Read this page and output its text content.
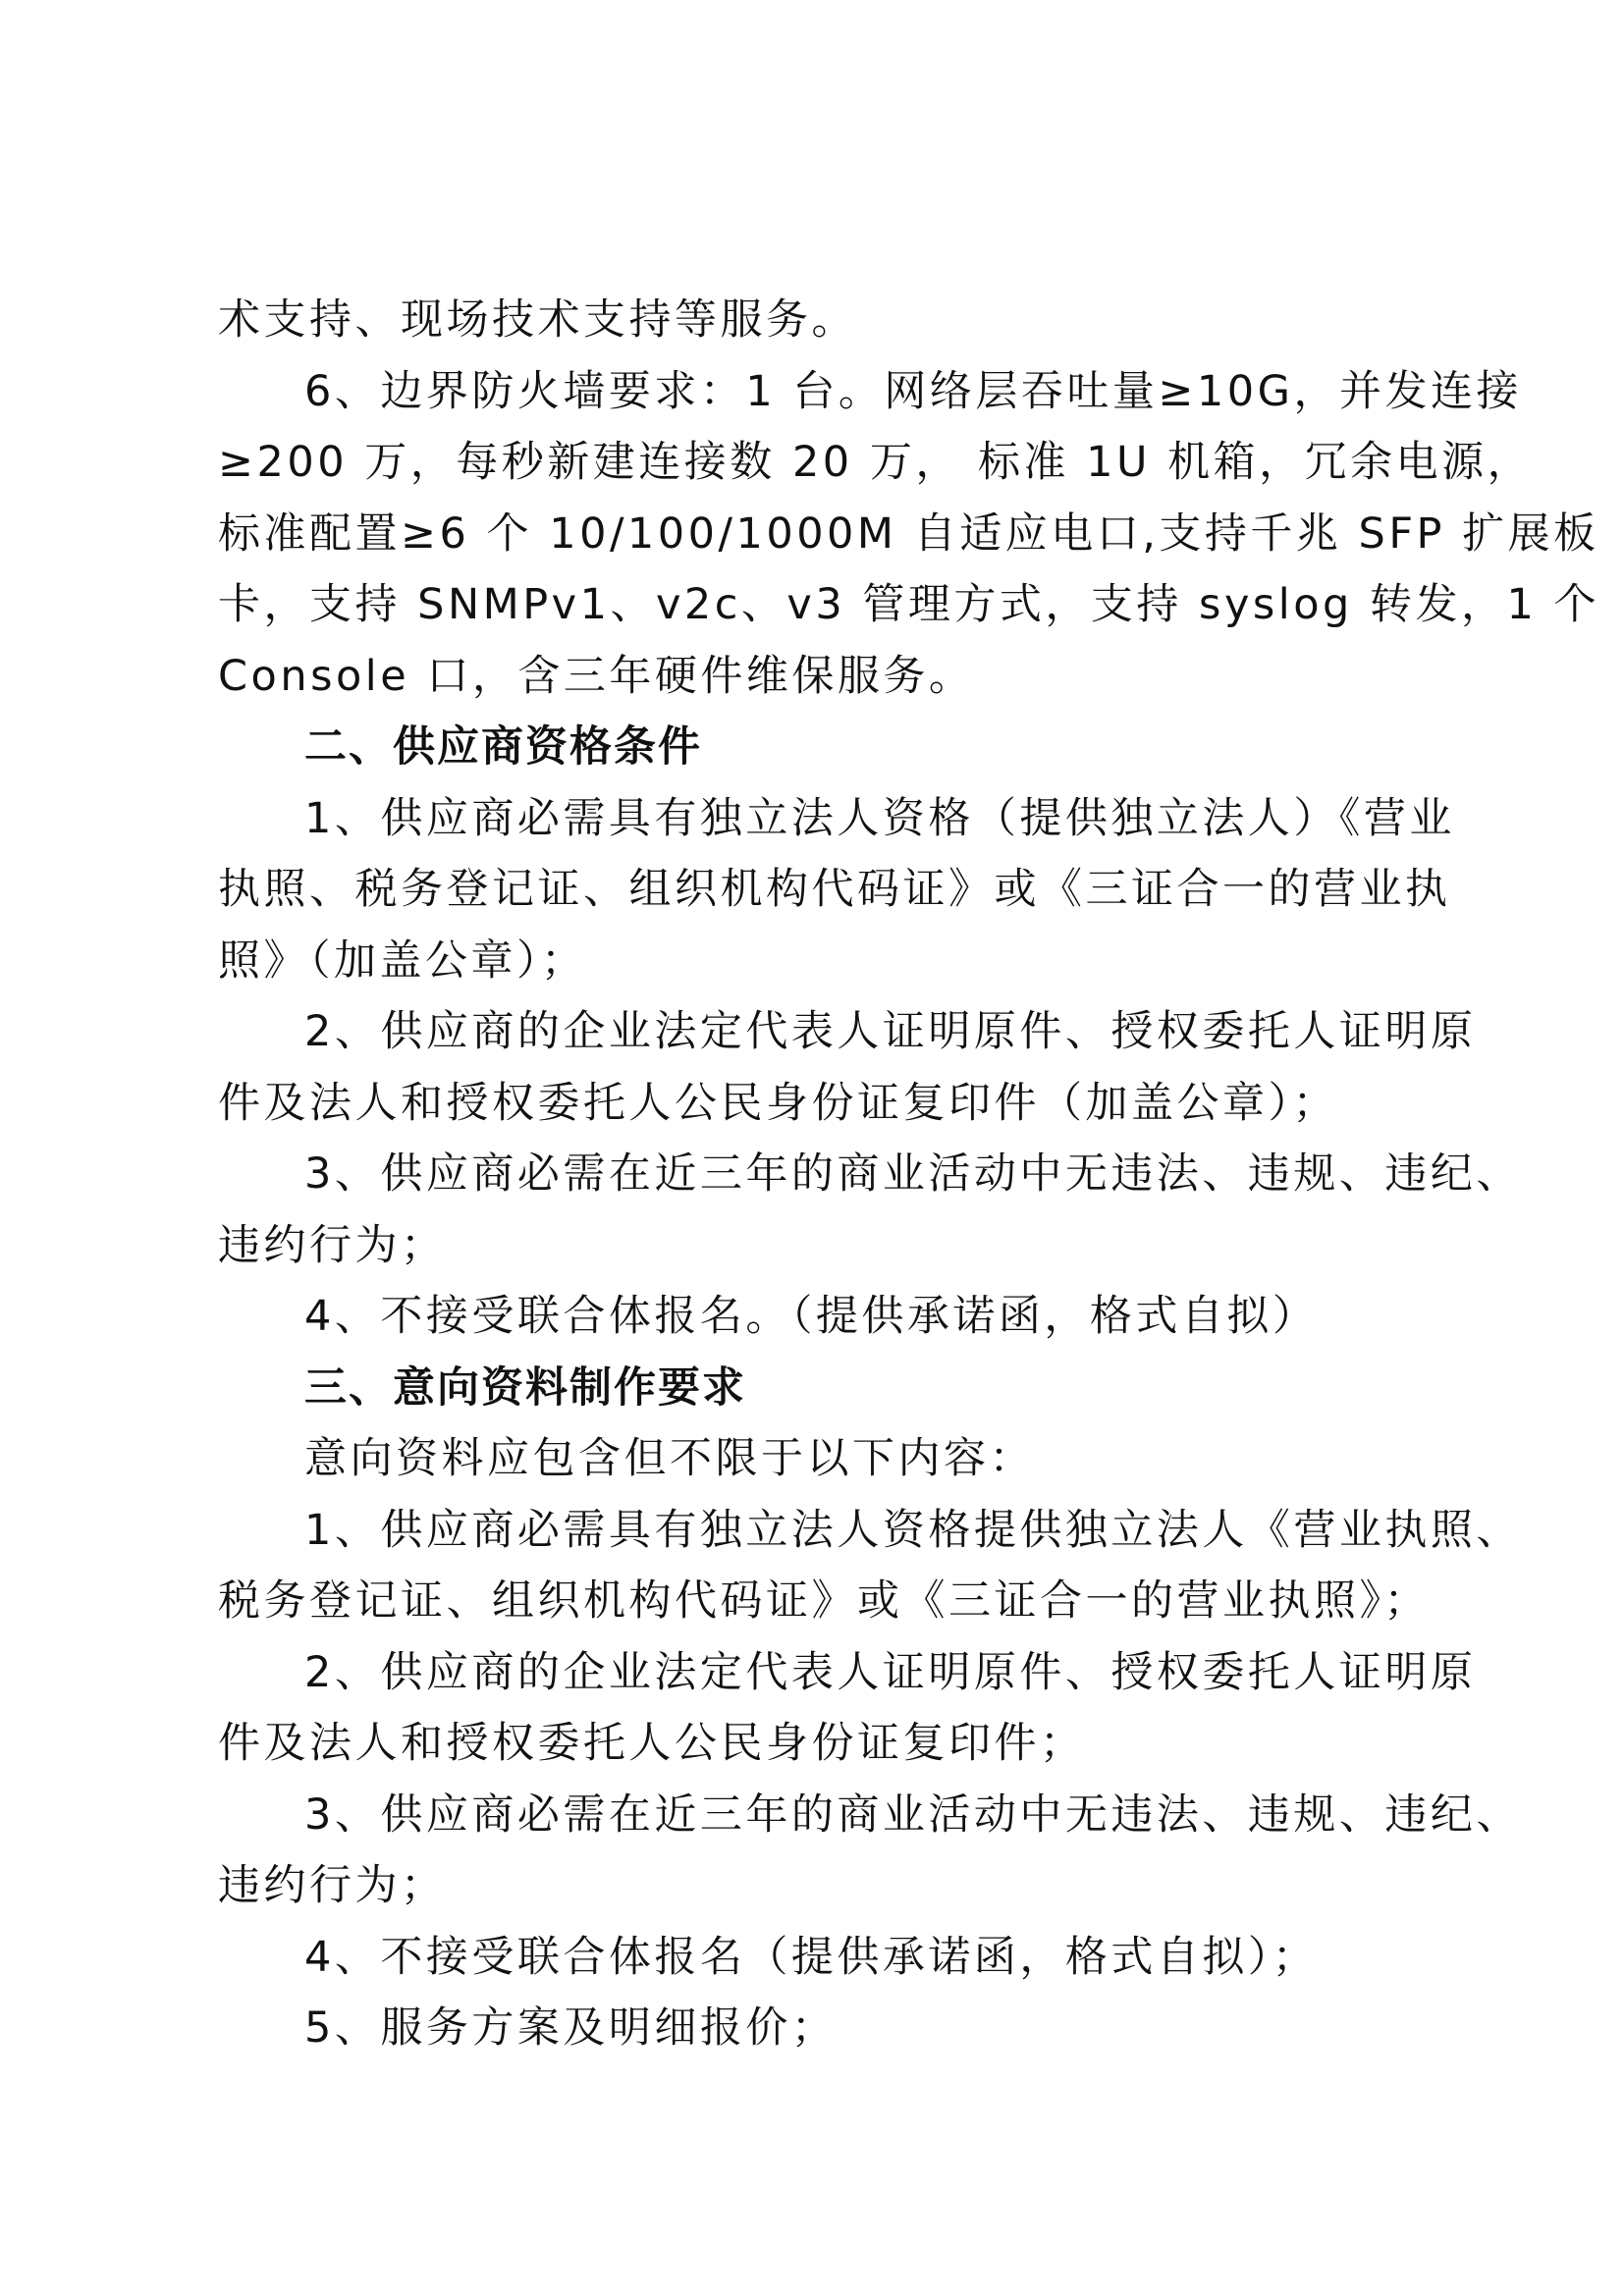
术支持、现场技术支持等服务。
6、边界防火墙要求：1 台。网络层吞吐量≥10G，并发连接
≥200 万，每秒新建连接数 20 万， 标准 1U 机箱，冗余电源，
标准配置≥6 个 10/100/1000M 自适应电口,支持千兆 SFP 扩展板
卡，支持 SNMPv1、v2c、v3 管理方式，支持 syslog 转发，1 个
Console 口，含三年硬件维保服务。
二、供应商资格条件
1、供应商必需具有独立法人资格（提供独立法人）《营业
执照、税务登记证、组织机构代码证》或《三证合一的营业执
照》（加盖公章）；
2、供应商的企业法定代表人证明原件、授权委托人证明原
件及法人和授权委托人公民身份证复印件（加盖公章）；
3、供应商必需在近三年的商业活动中无违法、违规、违纪、
违约行为；
4、不接受联合体报名。（提供承诺函，格式自拟）
三、意向资料制作要求
意向资料应包含但不限于以下内容：
1、供应商必需具有独立法人资格提供独立法人《营业执照、
税务登记证、组织机构代码证》或《三证合一的营业执照》；
2、供应商的企业法定代表人证明原件、授权委托人证明原
件及法人和授权委托人公民身份证复印件；
3、供应商必需在近三年的商业活动中无违法、违规、违纪、
违约行为；
4、不接受联合体报名（提供承诺函，格式自拟）；
5、服务方案及明细报价；
